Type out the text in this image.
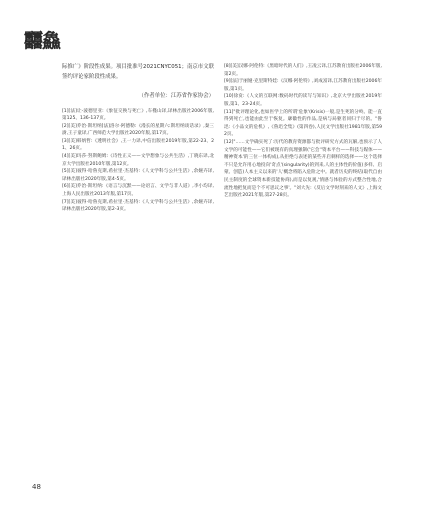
䨻鱻

际推广》阶段性成果。项目批准号2021CNYC051；南京市文联签约评论家阶段性成果。

（作者单位：江苏省作家协会）

[1][法]让-波德里亚:《象征交换与死亡》,车槿山译,译林出版社2006年版,第125、136-137页。

[2][美]乔治·斯坦纳[法]洛尔·阿德勒:《漫长的星期六:斯坦纳谈话录》,秦三澍,王子童译,广西师范大学出版社2020年版,第17页。

[3][美]韩炳哲:《透明社会》,王一力译,中信出版社2019年版,第22-23、21、26页。

[4][美]玛莎·努斯鲍姆:《诗性正义——文学想象与公共生活》,丁晓东译,北京大学出版社2010年版,第12页。

[5][美]彼得·哈鲁克斯,希拉里·杰基特:《人文学科与公共生活》,余婉卉译,译林出版社2020年版,第4-5页。

[6][美]乔治·斯坦纳:《语言与沉默——论语言、文学与非人道》,李小均译,上海人民出版社2013年版,第17页。

[7][美]彼得·哈鲁克斯,希拉里·杰基特:《人文学科与公共生活》,余婉卉译,译林出版社2020年版,第2-3页。

[8][美]汉娜·阿伦特:《黑暗时代的人们》,王凌云译,江苏教育出版社2006年版,第2页。

[9][法]于丽娅·克里斯特娃:《汉娜·阿伦特》,刘成富译,江苏教育出版社2006年版,第1页。

[10]徐贲:《人文的互联网:数码时代的读写与知识》,北京大学出版社2019年版,第1、23-24页。

[11]"批评理论化,也如医学上的所谓'危象'(Krisis)一般,是生死的分岭。能一直得到死亡,也能由此至于恢复。廓徽性的作品,是病与局躯者同归于尽的。"鲁迅:《小品文的危机》,《鲁迅全集》(第四卷),人民文学出版社1981年版,第592页。

[12]"……文学确实死了:历代的教育资源都与批评研究方式的瓦解,也预示了人文学的可能性——它们被现有的真理强制('它会''资本平台——科技与媒体——精神资本'的三位一体构成),从拒绝与表述的某些开启刺样的选择——这个选择不只是允许用心地投向'奇点'(singularity)的到来,人的主体性的价值(多样、启蒙、创造)人本主义以来的'人'概念将陷入危险之中。就者历史的终结(取代自由民主制度的全球资本新技能协商),而是以复观,'情感与体验的方式整合性地,合流性地把复而是个不可思议之事'。"刘大先:《反后文学时刻来的人文》,上海文艺出版社2021年版,第27-28页。

48
